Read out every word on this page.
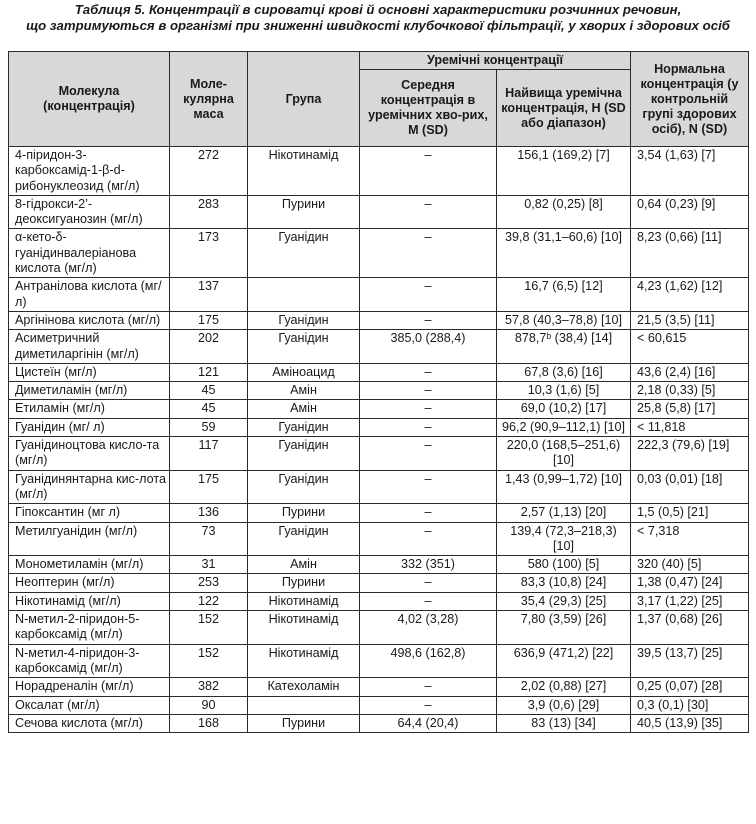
Таблиця 5. Концентрації в сироватці крові й основні характеристики розчинних речовин,
що затримуються в організмі при зниженні швидкості клубочкової фільтрації, у хворих і здорових осіб
Молекула (концентрація)	Моле-кулярна маса	Група	Уремічні концентрації		Нормальна концентрація (у контрольній групі здорових осіб), N (SD)
			Середня концентрація в уремічних хво-рих, M (SD)	Найвища уремічна концентрація, H (SD або діапазон)	
4-піридон-3-карбоксамід-1-β-d-рибонуклеозид (мг/л)	272	Нікотинамід	–	156,1 (169,2) [7]	3,54 (1,63) [7]
8-гідрокси-2’-деоксигуанозин (мг/л)	283	Пурини	–	0,82 (0,25) [8]	0,64 (0,23) [9]
α-кето-δ-гуанідинвалеріанова кислота (мг/л)	173	Гуанідин	–	39,8 (31,1–60,6) [10]	8,23 (0,66) [11]
Антранілова кислота (мг/л)	137		–	16,7 (6,5) [12]	4,23 (1,62) [12]
Аргінінова кислота (мг/л)	175	Гуанідин	–	57,8 (40,3–78,8) [10]	21,5 (3,5) [11]
Асиметричний диметиларгінін (мг/л)	202	Гуанідин	385,0 (288,4)	878,7ᵇ (38,4) [14]	< 60,615
Цистеїн (мг/л)	121	Аміноацид	–	67,8 (3,6) [16]	43,6 (2,4) [16]
Диметиламін (мг/л)	45	Амін	–	10,3 (1,6) [5]	2,18 (0,33) [5]
Етиламін (мг/л)	45	Амін	–	69,0 (10,2) [17]	25,8 (5,8) [17]
Гуанідин (мг/ л)	59	Гуанідин	–	96,2 (90,9–112,1) [10]	< 11,818
Гуанідиноцтова кисло-та (мг/л)	117	Гуанідин	–	220,0 (168,5–251,6) [10]	222,3 (79,6) [19]
Гуанідинянтарна кис-лота (мг/л)	175	Гуанідин	–	1,43 (0,99–1,72) [10]	0,03 (0,01) [18]
Гіпоксантин (мг л)	136	Пурини	–	2,57 (1,13) [20]	1,5 (0,5) [21]
Метилгуанідин (мг/л)	73	Гуанідин	–	139,4 (72,3–218,3) [10]	< 7,318
Монометиламін (мг/л)	31	Амін	332 (351)	580 (100) [5]	320 (40) [5]
Неоптерин (мг/л)	253	Пурини	–	83,3 (10,8) [24]	1,38 (0,47) [24]
Нікотинамід (мг/л)	122	Нікотинамід	–	35,4 (29,3) [25]	3,17 (1,22) [25]
N-метил-2-піридон-5-карбоксамід (мг/л)	152	Нікотинамід	4,02 (3,28)	7,80 (3,59) [26]	1,37 (0,68) [26]
N-метил-4-піридон-3-карбоксамід (мг/л)	152	Нікотинамід	498,6 (162,8)	636,9 (471,2) [22]	39,5 (13,7) [25]
Норадреналін (мг/л)	382	Катехоламін	–	2,02 (0,88) [27]	0,25 (0,07) [28]
Оксалат (мг/л)	90		–	3,9 (0,6) [29]	0,3 (0,1) [30]
Сечова кислота (мг/л)	168	Пурини	64,4 (20,4)	83 (13) [34]	40,5 (13,9) [35]
